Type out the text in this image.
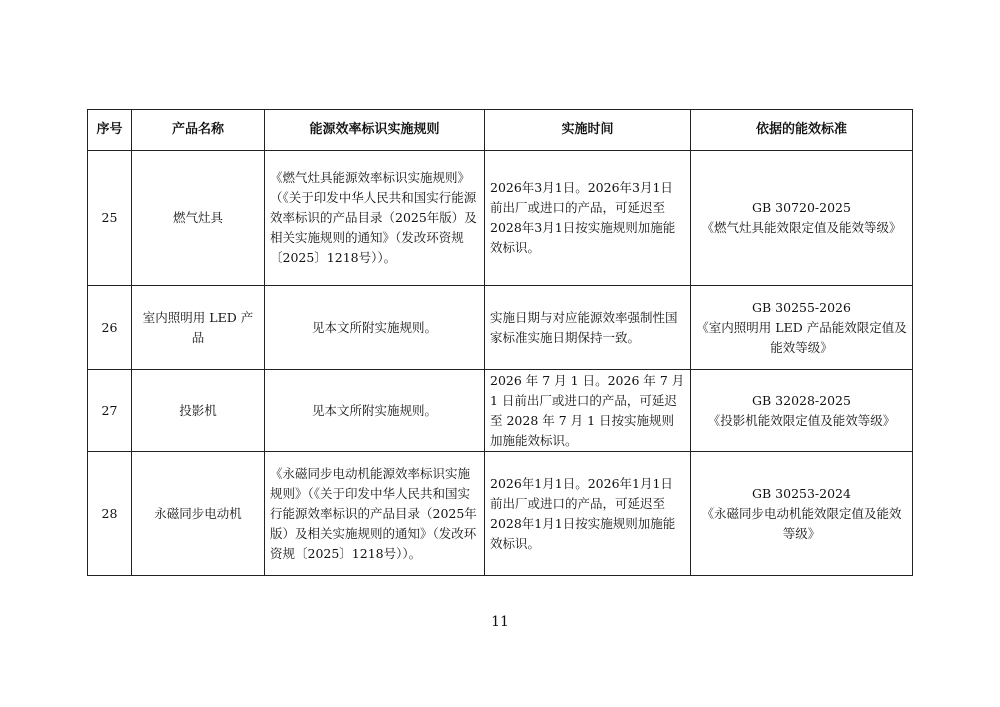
序号	产品名称	能源效率标识实施规则	实施时间	依据的能效标准
25	燃气灶具	《燃气灶具能源效率标识实施规则》（《关于印发中华人民共和国实行能源效率标识的产品目录（2025年版）及相关实施规则的通知》（发改环资规〔2025〕1218号））。	2026年3月1日。2026年3月1日前出厂或进口的产品，可延迟至2028年3月1日按实施规则加施能效标识。	GB 30720-2025
《燃气灶具能效限定值及能效等级》

26	室内照明用 LED 产品	见本文所附实施规则。	实施日期与对应能源效率强制性国家标准实施日期保持一致。	GB 30255-2026
《室内照明用 LED 产品能效限定值及能效等级》

27	投影机	见本文所附实施规则。	2026 年 7 月 1 日。2026 年 7 月 1 日前出厂或进口的产品，可延迟至 2028 年 7 月 1 日按实施规则加施能效标识。	GB 32028-2025
《投影机能效限定值及能效等级》

28	永磁同步电动机	《永磁同步电动机能源效率标识实施规则》（《关于印发中华人民共和国实行能源效率标识的产品目录（2025年版）及相关实施规则的通知》（发改环资规〔2025〕1218号））。	2026年1月1日。2026年1月1日前出厂或进口的产品，可延迟至2028年1月1日按实施规则加施能效标识。	GB 30253-2024
《永磁同步电动机能效限定值及能效等级》
11
